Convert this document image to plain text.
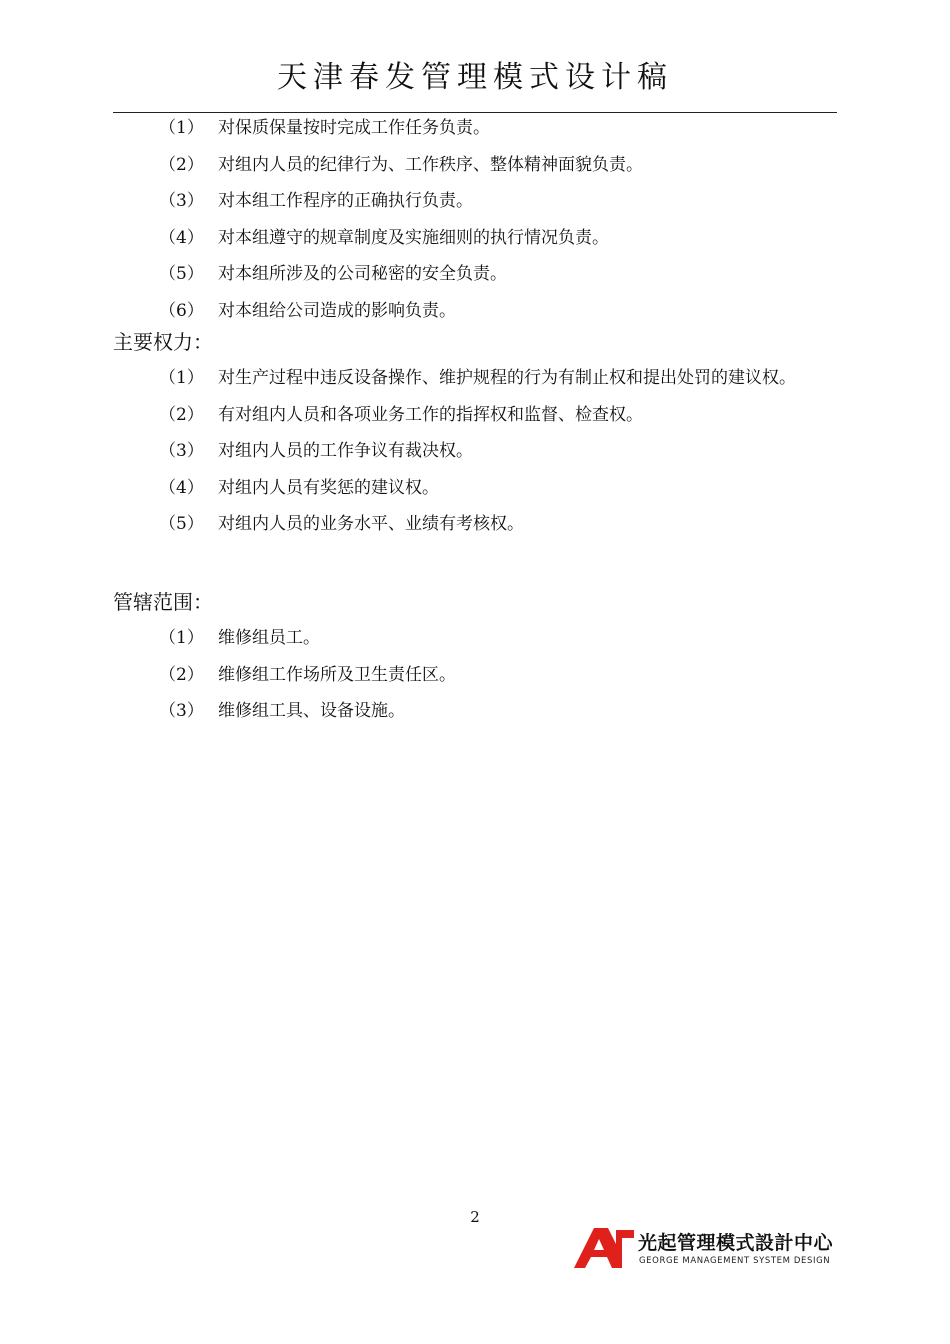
天津春发管理模式设计稿
（1） 对保质保量按时完成工作任务负责。
（2） 对组内人员的纪律行为、工作秩序、整体精神面貌负责。
（3） 对本组工作程序的正确执行负责。
（4） 对本组遵守的规章制度及实施细则的执行情况负责。
（5） 对本组所涉及的公司秘密的安全负责。
（6） 对本组给公司造成的影响负责。
主要权力：
（1） 对生产过程中违反设备操作、维护规程的行为有制止权和提出处罚的建议权。
（2） 有对组内人员和各项业务工作的指挥权和监督、检查权。
（3） 对组内人员的工作争议有裁决权。
（4） 对组内人员有奖惩的建议权。
（5） 对组内人员的业务水平、业绩有考核权。
管辖范围：
（1） 维修组员工。
（2） 维修组工作场所及卫生责任区。
（3） 维修组工具、设备设施。
2
光起管理模式設計中心
GEORGE MANAGEMENT SYSTEM DESIGN
